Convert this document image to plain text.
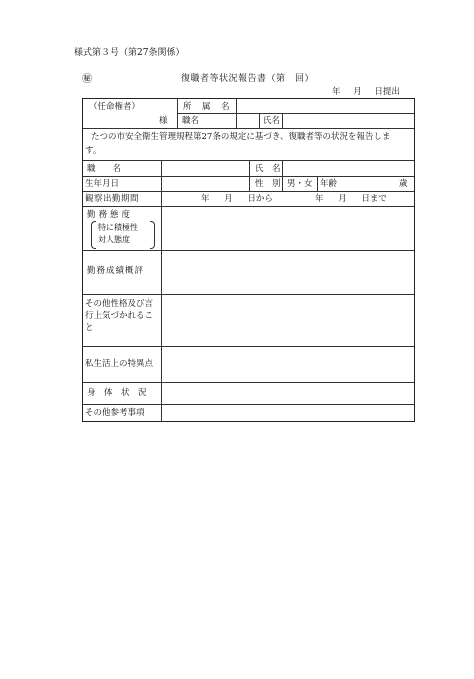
様式第３号（第27条関係）
㊙	復職者等状況報告書（第　回）
年 月 日提出
（任命権者）	所　属　名
様 職名	氏名
たつの市安全衛生管理規程第27条の規定に基づき、復職者等の状況を報告しま
す。
職　　名	氏　名
生年月日	性　別 男・女 年齢	歳
観察出勤期間	年 月 日から	年 月 日まで
勤務態度
特に積極性
対人態度
勤務成績概評
その他性格及び言
行上気づかれるこ
と
私生活上の特異点
身　体　状　況
その他参考事項
